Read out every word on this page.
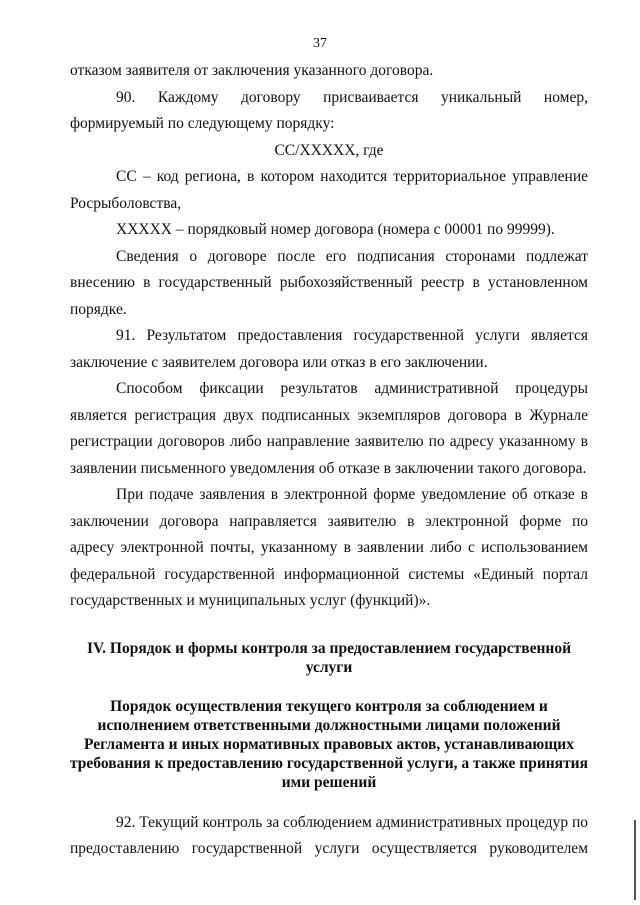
37

отказом заявителя от заключения указанного договора.

90. Каждому договору присваивается уникальный номер, формируемый по следующему порядку:

СС/ХХХХХ, где

СС – код региона, в котором находится территориальное управление Росрыболовства,

ХХХХХ – порядковый номер договора (номера с 00001 по 99999).

Сведения о договоре после его подписания сторонами подлежат внесению в государственный рыбохозяйственный реестр в установленном порядке.

91. Результатом предоставления государственной услуги является заключение с заявителем договора или отказ в его заключении.

Способом фиксации результатов административной процедуры является регистрация двух подписанных экземпляров договора в Журнале регистрации договоров либо направление заявителю по адресу указанному в заявлении письменного уведомления об отказе в заключении такого договора.

При подаче заявления в электронной форме уведомление об отказе в заключении договора направляется заявителю в электронной форме по адресу электронной почты, указанному в заявлении либо с использованием федеральной государственной информационной системы «Единый портал государственных и муниципальных услуг (функций)».

IV. Порядок и формы контроля за предоставлением государственной услуги

Порядок осуществления текущего контроля за соблюдением и исполнением ответственными должностными лицами положений Регламента и иных нормативных правовых актов, устанавливающих требования к предоставлению государственной услуги, а также принятия ими решений

92. Текущий контроль за соблюдением административных процедур по предоставлению государственной услуги осуществляется руководителем
